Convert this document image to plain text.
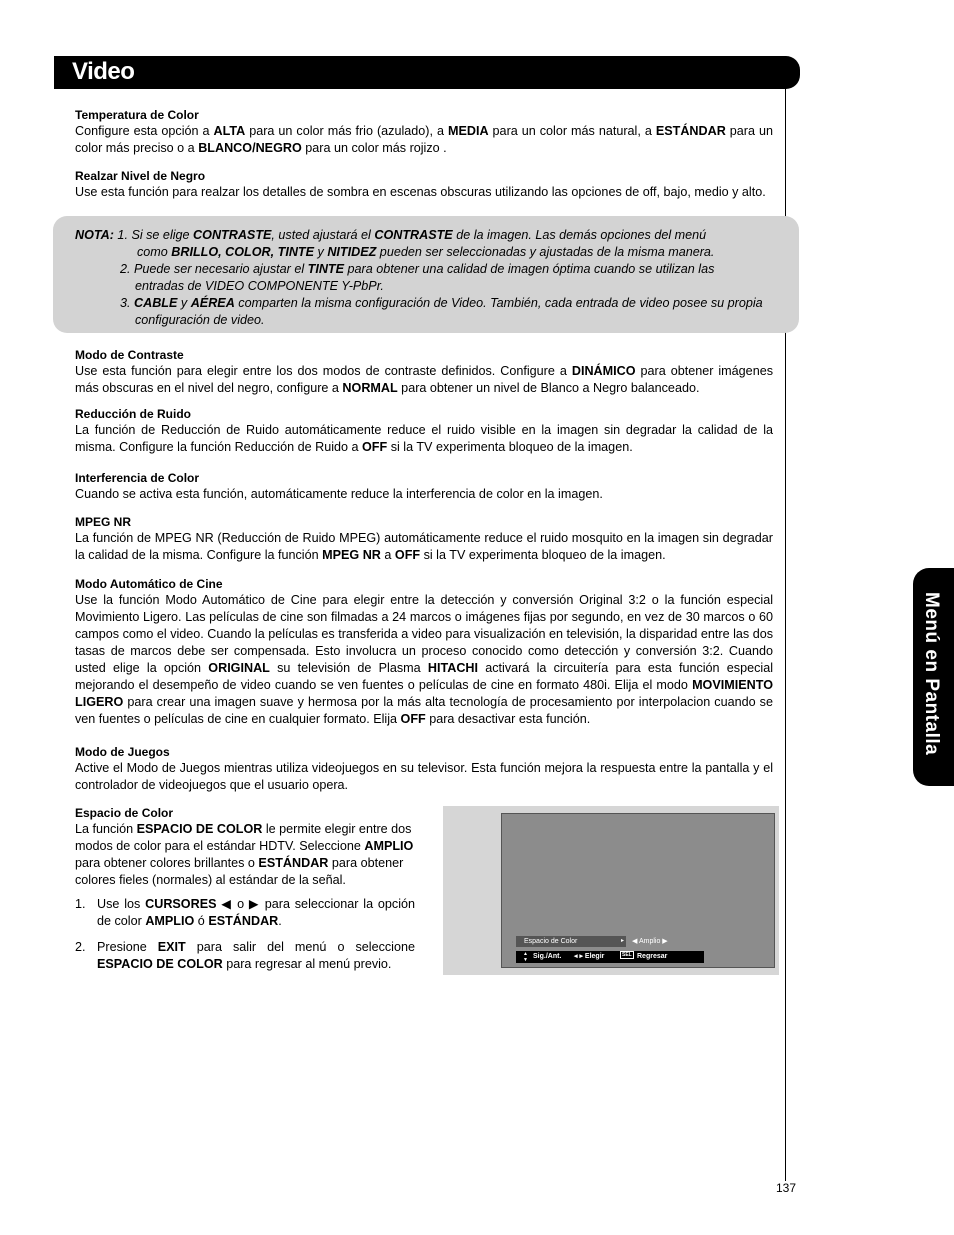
Video
Menú en Pantalla
Temperatura de Color

Configure esta opción a ALTA para un color más frio (azulado), a MEDIA para un color más natural, a ESTÁNDAR para un color más preciso o a BLANCO/NEGRO para un color más rojizo .

Realzar Nivel de Negro

Use esta función para realzar los detalles de sombra en escenas obscuras utilizando las opciones de off, bajo, medio y alto.

NOTA: 1. Si se elige CONTRASTE, usted ajustará el CONTRASTE de la imagen. Las demás opciones del menú
como BRILLO, COLOR, TINTE y NITIDEZ pueden ser seleccionadas y ajustadas de la misma manera.
2. Puede ser necesario ajustar el TINTE para obtener una calidad de imagen óptima cuando se utilizan las
entradas de VIDEO COMPONENTE Y-PbPr.
3. CABLE y AÉREA comparten la misma configuración de Video. También, cada entrada de video posee su propia
configuración de video.
Modo de Contraste

Use esta función para elegir entre los dos modos de contraste definidos. Configure a DINÁMICO para obtener imágenes más obscuras en el nivel del negro, configure a NORMAL para obtener un nivel de Blanco a Negro balanceado.

Reducción de Ruido

La función de Reducción de Ruido automáticamente reduce el ruido visible en la imagen sin degradar la calidad de la misma. Configure la función Reducción de Ruido a OFF si la TV experimenta bloqueo de la imagen.

Interferencia de Color

Cuando se activa esta función, automáticamente reduce la interferencia de color en la imagen.

MPEG NR

La función de MPEG NR (Reducción de Ruido MPEG) automáticamente reduce el ruido mosquito en la imagen sin degradar la calidad de la misma. Configure la función MPEG NR a OFF si la TV experimenta bloqueo de la imagen.

Modo Automático de Cine

Use la función Modo Automático de Cine para elegir entre la detección y conversión Original 3:2 o la función especial Movimiento Ligero. Las películas de cine son filmadas a 24 marcos o imágenes fijas por segundo, en vez de 30 marcos o 60 campos como el video. Cuando la películas es transferida a video para visualización en televisión, la disparidad entre las dos tasas de marcos debe ser compensada. Esto involucra un proceso conocido como detección y conversión 3:2. Cuando usted elige la opción ORIGINAL su televisión de Plasma HITACHI activará la circuitería para esta función especial mejorando el desempeño de video cuando se ven fuentes o películas de cine en formato 480i. Elija el modo MOVIMIENTO LIGERO para crear una imagen suave y hermosa por la más alta tecnología de procesamiento por interpolacion cuando se ven fuentes o películas de cine en cualquier formato. Elija OFF para desactivar esta función.

Modo de Juegos

Active el Modo de Juegos mientras utiliza videojuegos en su televisor. Esta función mejora la respuesta entre la pantalla y el controlador de videojuegos que el usuario opera.

Espacio de Color

La función ESPACIO DE COLOR le permite elegir entre dos modos de color para el estándar HDTV. Seleccione AMPLIO para obtener colores brillantes o ESTÁNDAR para obtener colores fieles (normales) al estándar de la señal.

1. Use los CURSORES ◀ o ▶ para seleccionar la opción de color AMPLIO ó ESTÁNDAR.
2. Presione EXIT para salir del menú o seleccione ESPACIO DE COLOR para regresar al menú previo.
Espacio de Color	▸ ◀ Amplio ▶
▲
▼ Sig./Ant. ◂ ▸ Elegir	SEL Regresar
137
